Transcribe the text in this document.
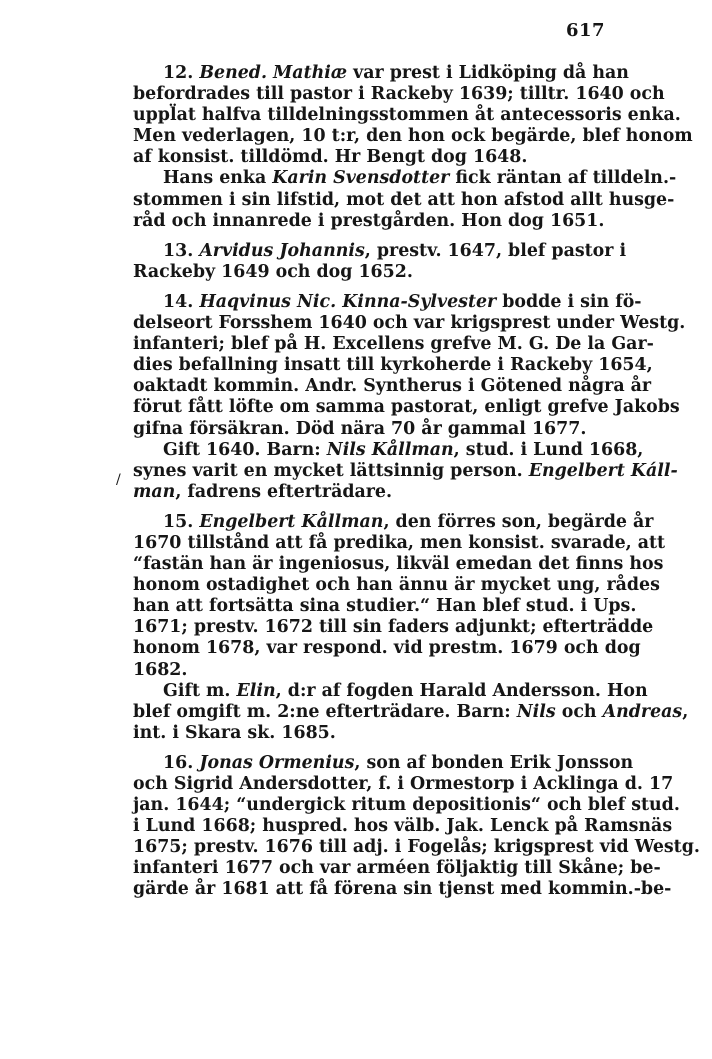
617
/
12. Bened. Mathiæ var prest i Lidköping då han
befordrades till pastor i Rackeby 1639; tilltr. 1640 och
uppl̈at halfva tilldelningsstommen åt antecessoris enka.
Men vederlagen, 10 t:r, den hon ock begärde, blef honom
af konsist. tilldömd. Hr Bengt dog 1648.
Hans enka Karin Svensdotter fick räntan af tilldeln.-
stommen i sin lifstid, mot det att hon afstod allt husge-
råd och innanrede i prestgården. Hon dog 1651.
13. Arvidus Johannis, prestv. 1647, blef pastor i
Rackeby 1649 och dog 1652.
14. Haqvinus Nic. Kinna-Sylvester bodde i sin fö-
delseort Forsshem 1640 och var krigsprest under Westg.
infanteri; blef på H. Excellens grefve M. G. De la Gar-
dies befallning insatt till kyrkoherde i Rackeby 1654,
oaktadt kommin. Andr. Syntherus i Götened några år
förut fått löfte om samma pastorat, enligt grefve Jakobs
gifna försäkran. Död nära 70 år gammal 1677.
Gift 1640. Barn: Nils Kållman, stud. i Lund 1668,
synes varit en mycket lättsinnig person. Engelbert Káll-
man, fadrens efterträdare.
15. Engelbert Kållman, den förres son, begärde år
1670 tillstånd att få predika, men konsist. svarade, att
“fastän han är ingeniosus, likväl emedan det finns hos
honom ostadighet och han ännu är mycket ung, rådes
han att fortsätta sina studier.“ Han blef stud. i Ups.
1671; prestv. 1672 till sin faders adjunkt; efterträdde
honom 1678, var respond. vid prestm. 1679 och dog
1682.
Gift m. Elin, d:r af fogden Harald Andersson. Hon
blef omgift m. 2:ne efterträdare. Barn: Nils och Andreas,
int. i Skara sk. 1685.
16. Jonas Ormenius, son af bonden Erik Jonsson
och Sigrid Andersdotter, f. i Ormestorp i Acklinga d. 17
jan. 1644; “undergick ritum depositionis“ och blef stud.
i Lund 1668; huspred. hos välb. Jak. Lenck på Ramsnäs
1675; prestv. 1676 till adj. i Fogelås; krigsprest vid Westg.
infanteri 1677 och var arméen följaktig till Skåne; be-
gärde år 1681 att få förena sin tjenst med kommin.-be-
